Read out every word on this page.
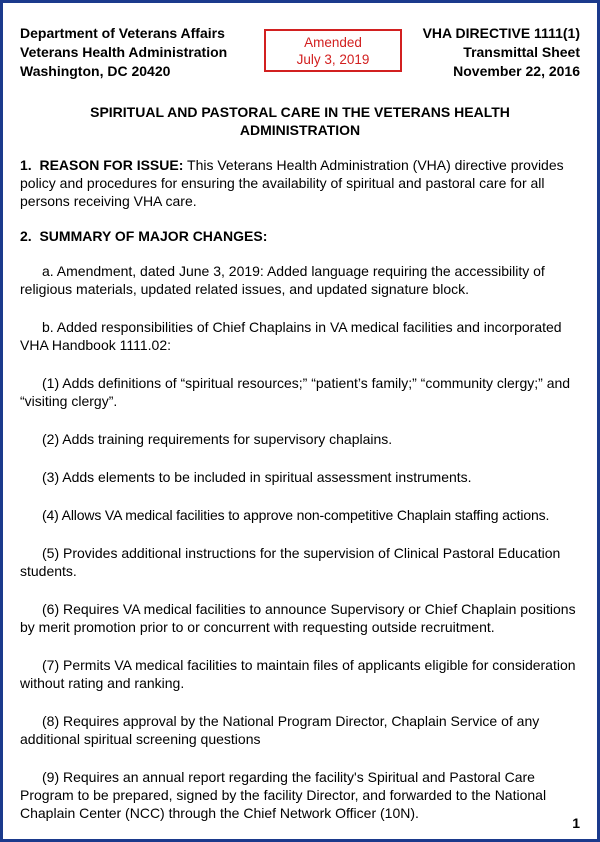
Department of Veterans Affairs
Veterans Health Administration
Washington, DC 20420
Amended
July 3, 2019
VHA DIRECTIVE 1111(1)
Transmittal Sheet
November 22, 2016
SPIRITUAL AND PASTORAL CARE IN THE VETERANS HEALTH
ADMINISTRATION

1. REASON FOR ISSUE: This Veterans Health Administration (VHA) directive provides policy and procedures for ensuring the availability of spiritual and pastoral care for all persons receiving VHA care.

2. SUMMARY OF MAJOR CHANGES:

a. Amendment, dated June 3, 2019: Added language requiring the accessibility of religious materials, updated related issues, and updated signature block.

b. Added responsibilities of Chief Chaplains in VA medical facilities and incorporated VHA Handbook 1111.02:

(1) Adds definitions of “spiritual resources;” “patient’s family;” “community clergy;” and “visiting clergy”.

(2) Adds training requirements for supervisory chaplains.

(3) Adds elements to be included in spiritual assessment instruments.

(4) Allows VA medical facilities to approve non-competitive Chaplain staffing actions.

(5) Provides additional instructions for the supervision of Clinical Pastoral Education students.

(6) Requires VA medical facilities to announce Supervisory or Chief Chaplain positions by merit promotion prior to or concurrent with requesting outside recruitment.

(7) Permits VA medical facilities to maintain files of applicants eligible for consideration without rating and ranking.

(8) Requires approval by the National Program Director, Chaplain Service of any additional spiritual screening questions

(9) Requires an annual report regarding the facility's Spiritual and Pastoral Care Program to be prepared, signed by the facility Director, and forwarded to the National Chaplain Center (NCC) through the Chief Network Officer (10N).

1
